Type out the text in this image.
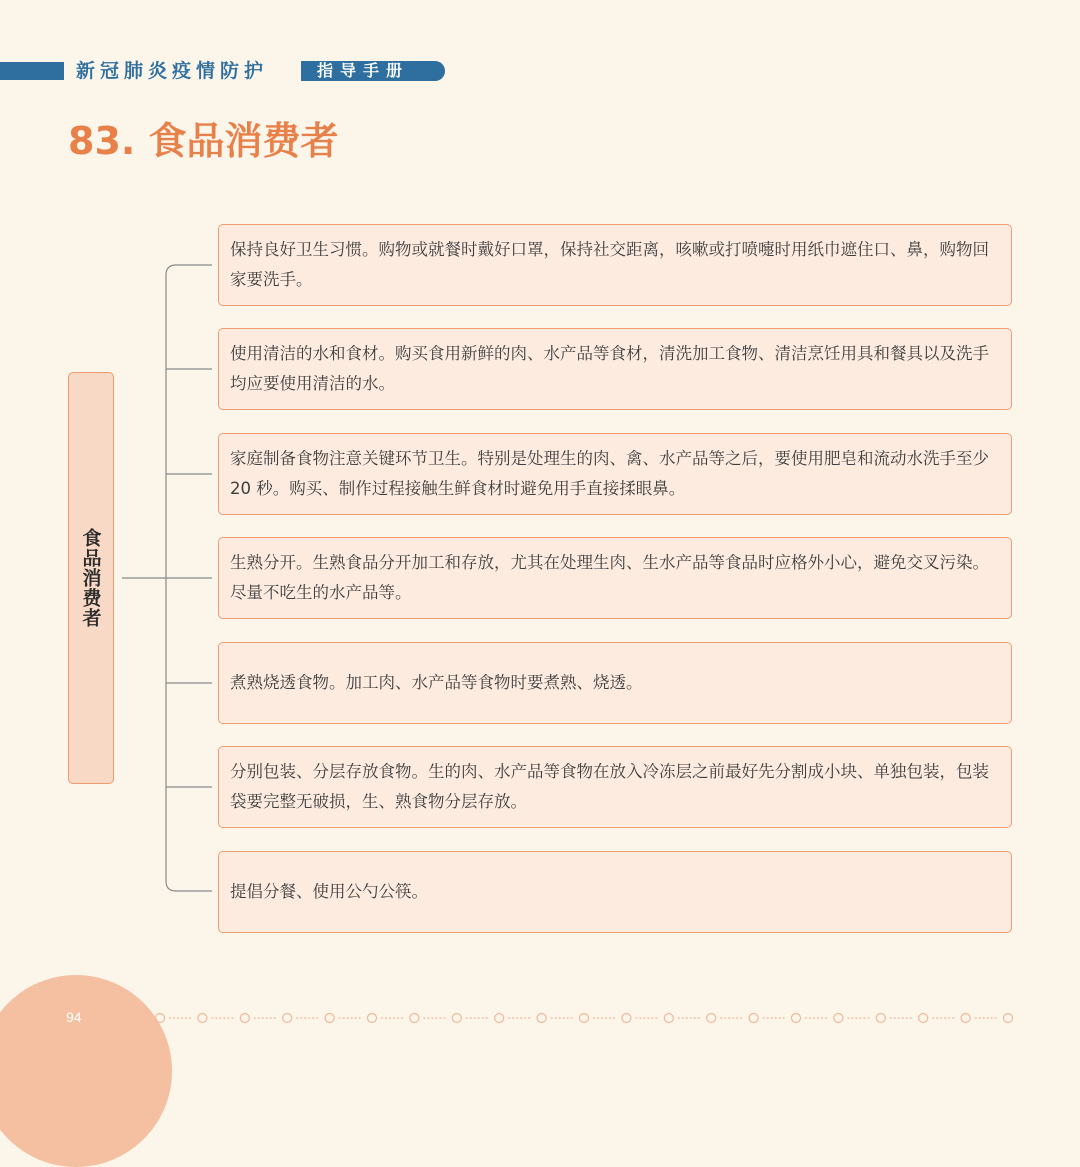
新冠肺炎疫情防护	指导手册
83. 食品消费者
食品消费者

保持良好卫生习惯。购物或就餐时戴好口罩，保持社交距离，咳嗽或打喷嚏时用纸巾遮住口、鼻，购物回家要洗手。

使用清洁的水和食材。购买食用新鲜的肉、水产品等食材，清洗加工食物、清洁烹饪用具和餐具以及洗手均应要使用清洁的水。

家庭制备食物注意关键环节卫生。特别是处理生的肉、禽、水产品等之后，要使用肥皂和流动水洗手至少 20 秒。购买、制作过程接触生鲜食材时避免用手直接揉眼鼻。

生熟分开。生熟食品分开加工和存放，尤其在处理生肉、生水产品等食品时应格外小心，避免交叉污染。尽量不吃生的水产品等。

煮熟烧透食物。加工肉、水产品等食物时要煮熟、烧透。

分别包装、分层存放食物。生的肉、水产品等食物在放入冷冻层之前最好先分割成小块、单独包装，包装袋要完整无破损，生、熟食物分层存放。

提倡分餐、使用公勺公筷。

94
